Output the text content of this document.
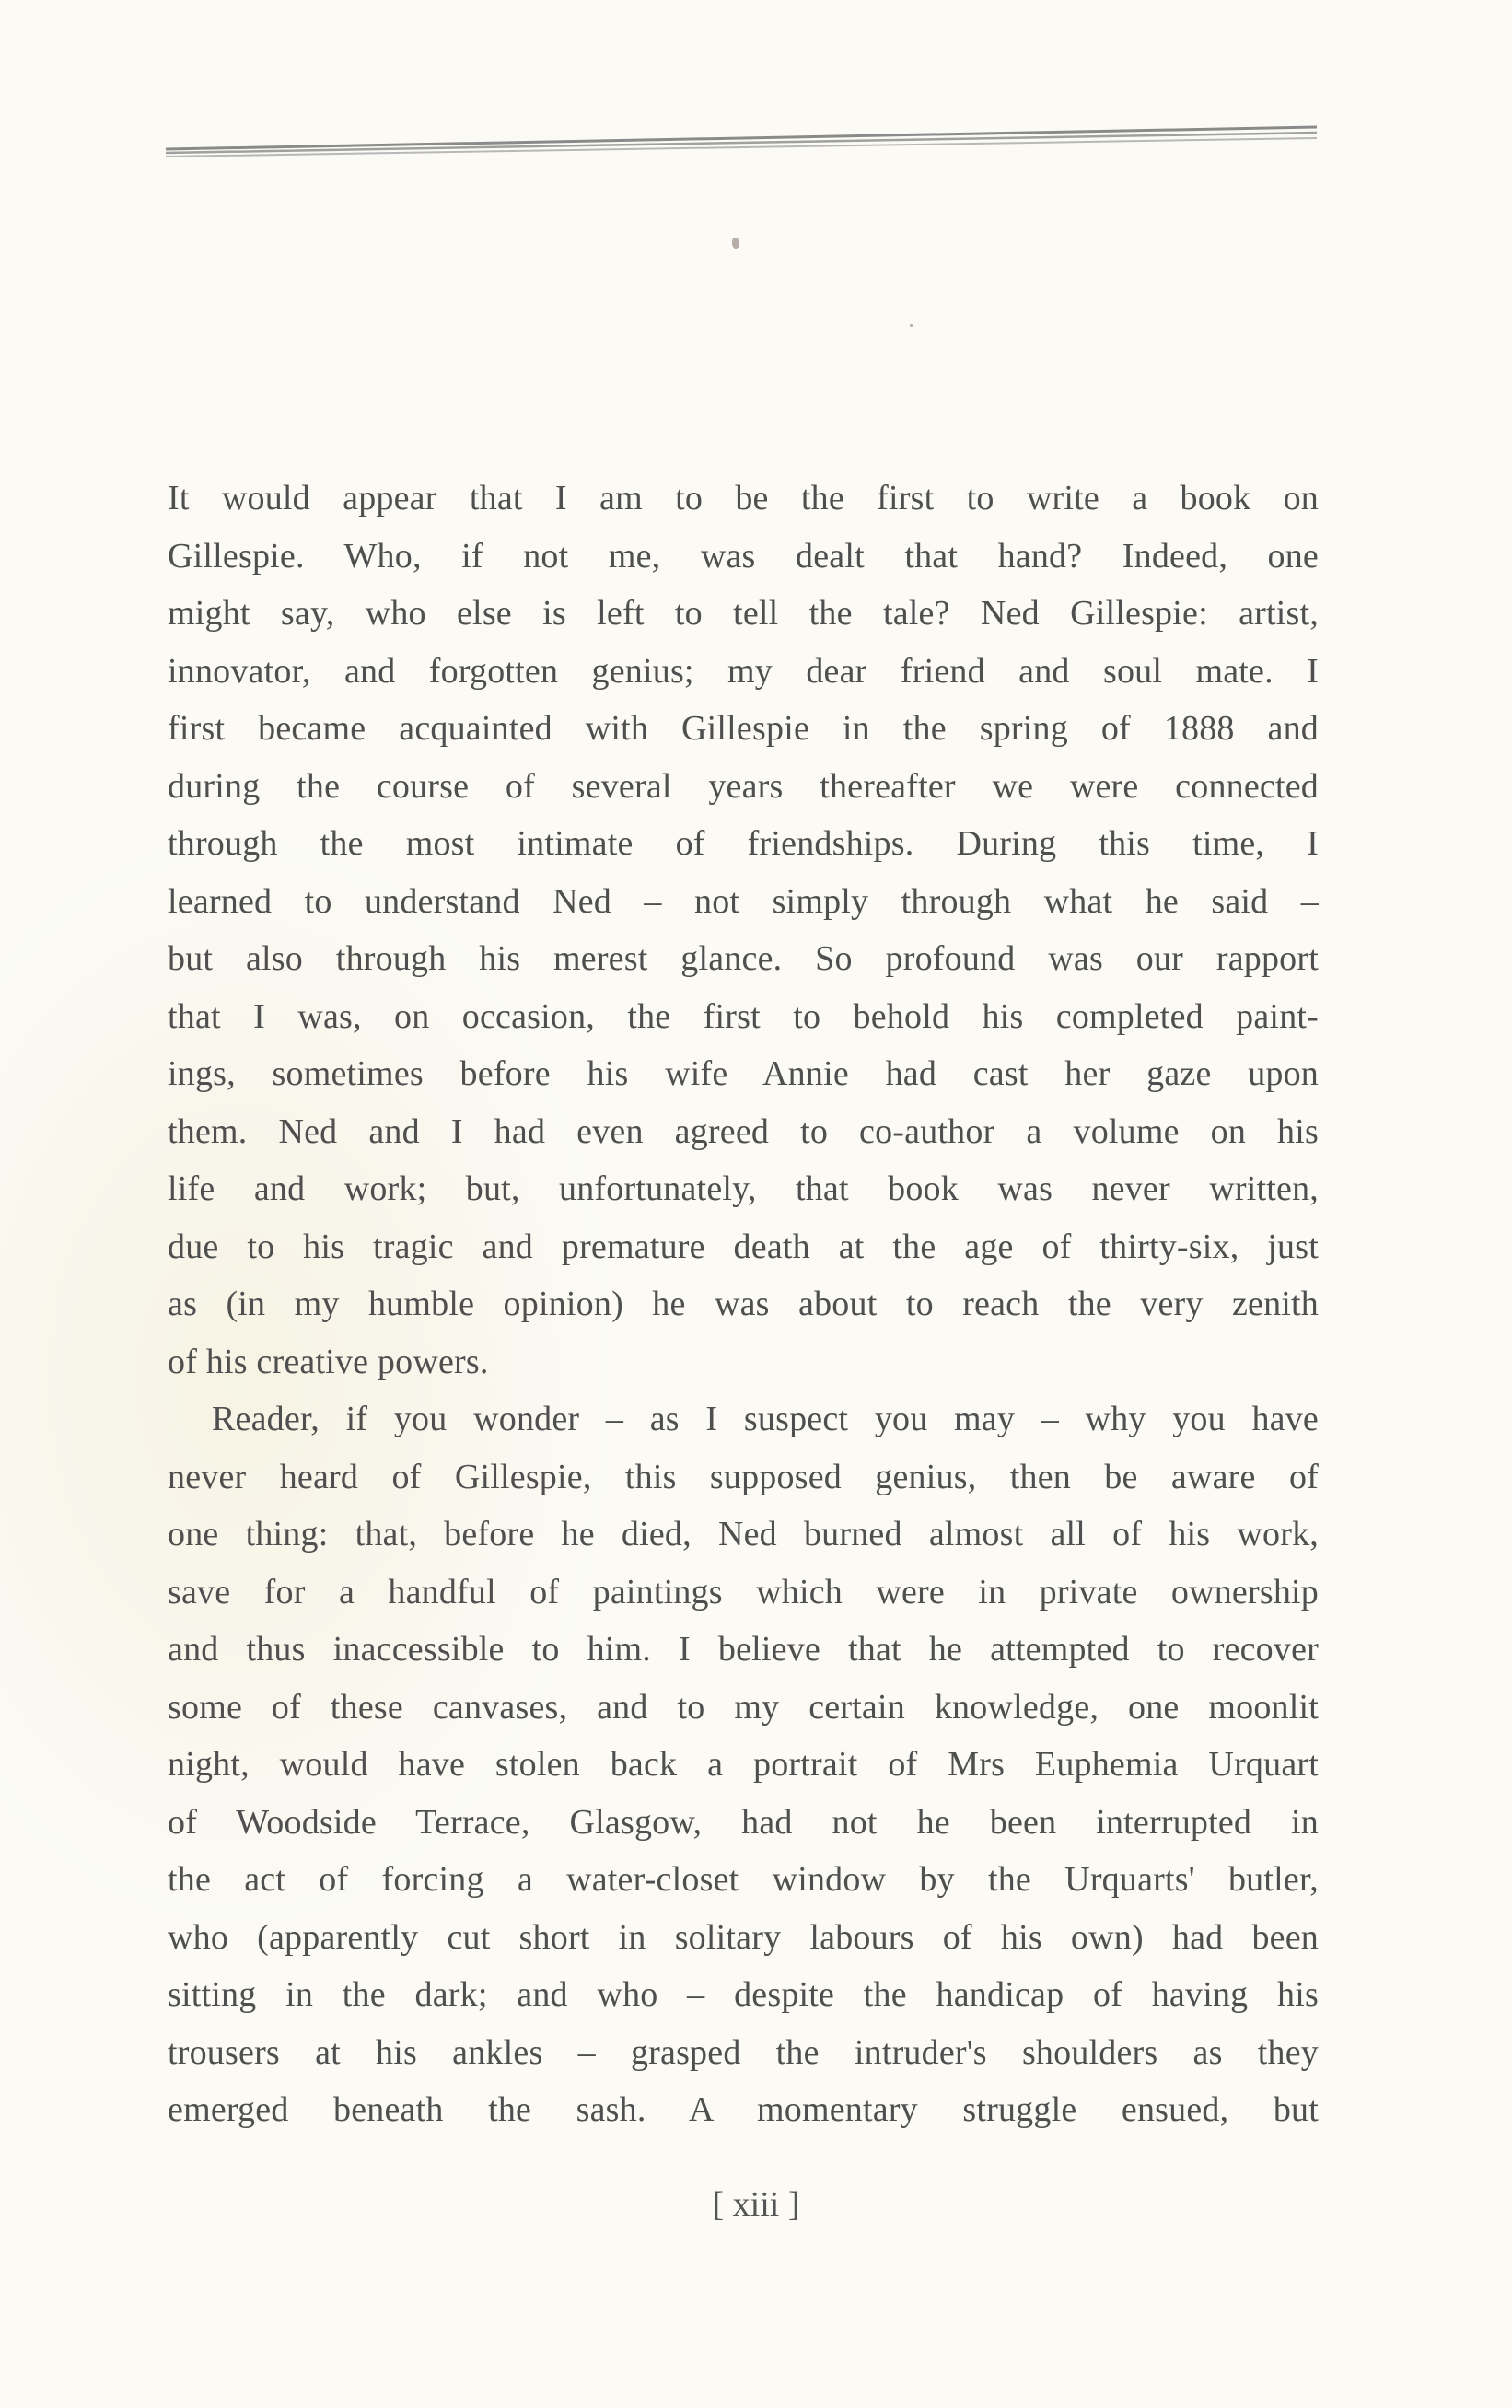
It would appear that I am to be the first to write a book on
Gillespie. Who, if not me, was dealt that hand? Indeed, one
might say, who else is left to tell the tale? Ned Gillespie: artist,
innovator, and forgotten genius; my dear friend and soul mate. I
first became acquainted with Gillespie in the spring of 1888 and
during the course of several years thereafter we were connected
through the most intimate of friendships. During this time, I
learned to understand Ned – not simply through what he said –
but also through his merest glance. So profound was our rapport
that I was, on occasion, the first to behold his completed paint-
ings, sometimes before his wife Annie had cast her gaze upon
them. Ned and I had even agreed to co-author a volume on his
life and work; but, unfortunately, that book was never written,
due to his tragic and premature death at the age of thirty-six, just
as (in my humble opinion) he was about to reach the very zenith
of his creative powers.
Reader, if you wonder – as I suspect you may – why you have
never heard of Gillespie, this supposed genius, then be aware of
one thing: that, before he died, Ned burned almost all of his work,
save for a handful of paintings which were in private ownership
and thus inaccessible to him. I believe that he attempted to recover
some of these canvases, and to my certain knowledge, one moonlit
night, would have stolen back a portrait of Mrs Euphemia Urquart
of Woodside Terrace, Glasgow, had not he been interrupted in
the act of forcing a water-closet window by the Urquarts' butler,
who (apparently cut short in solitary labours of his own) had been
sitting in the dark; and who – despite the handicap of having his
trousers at his ankles – grasped the intruder's shoulders as they
emerged beneath the sash. A momentary struggle ensued, but
[ xiii ]
